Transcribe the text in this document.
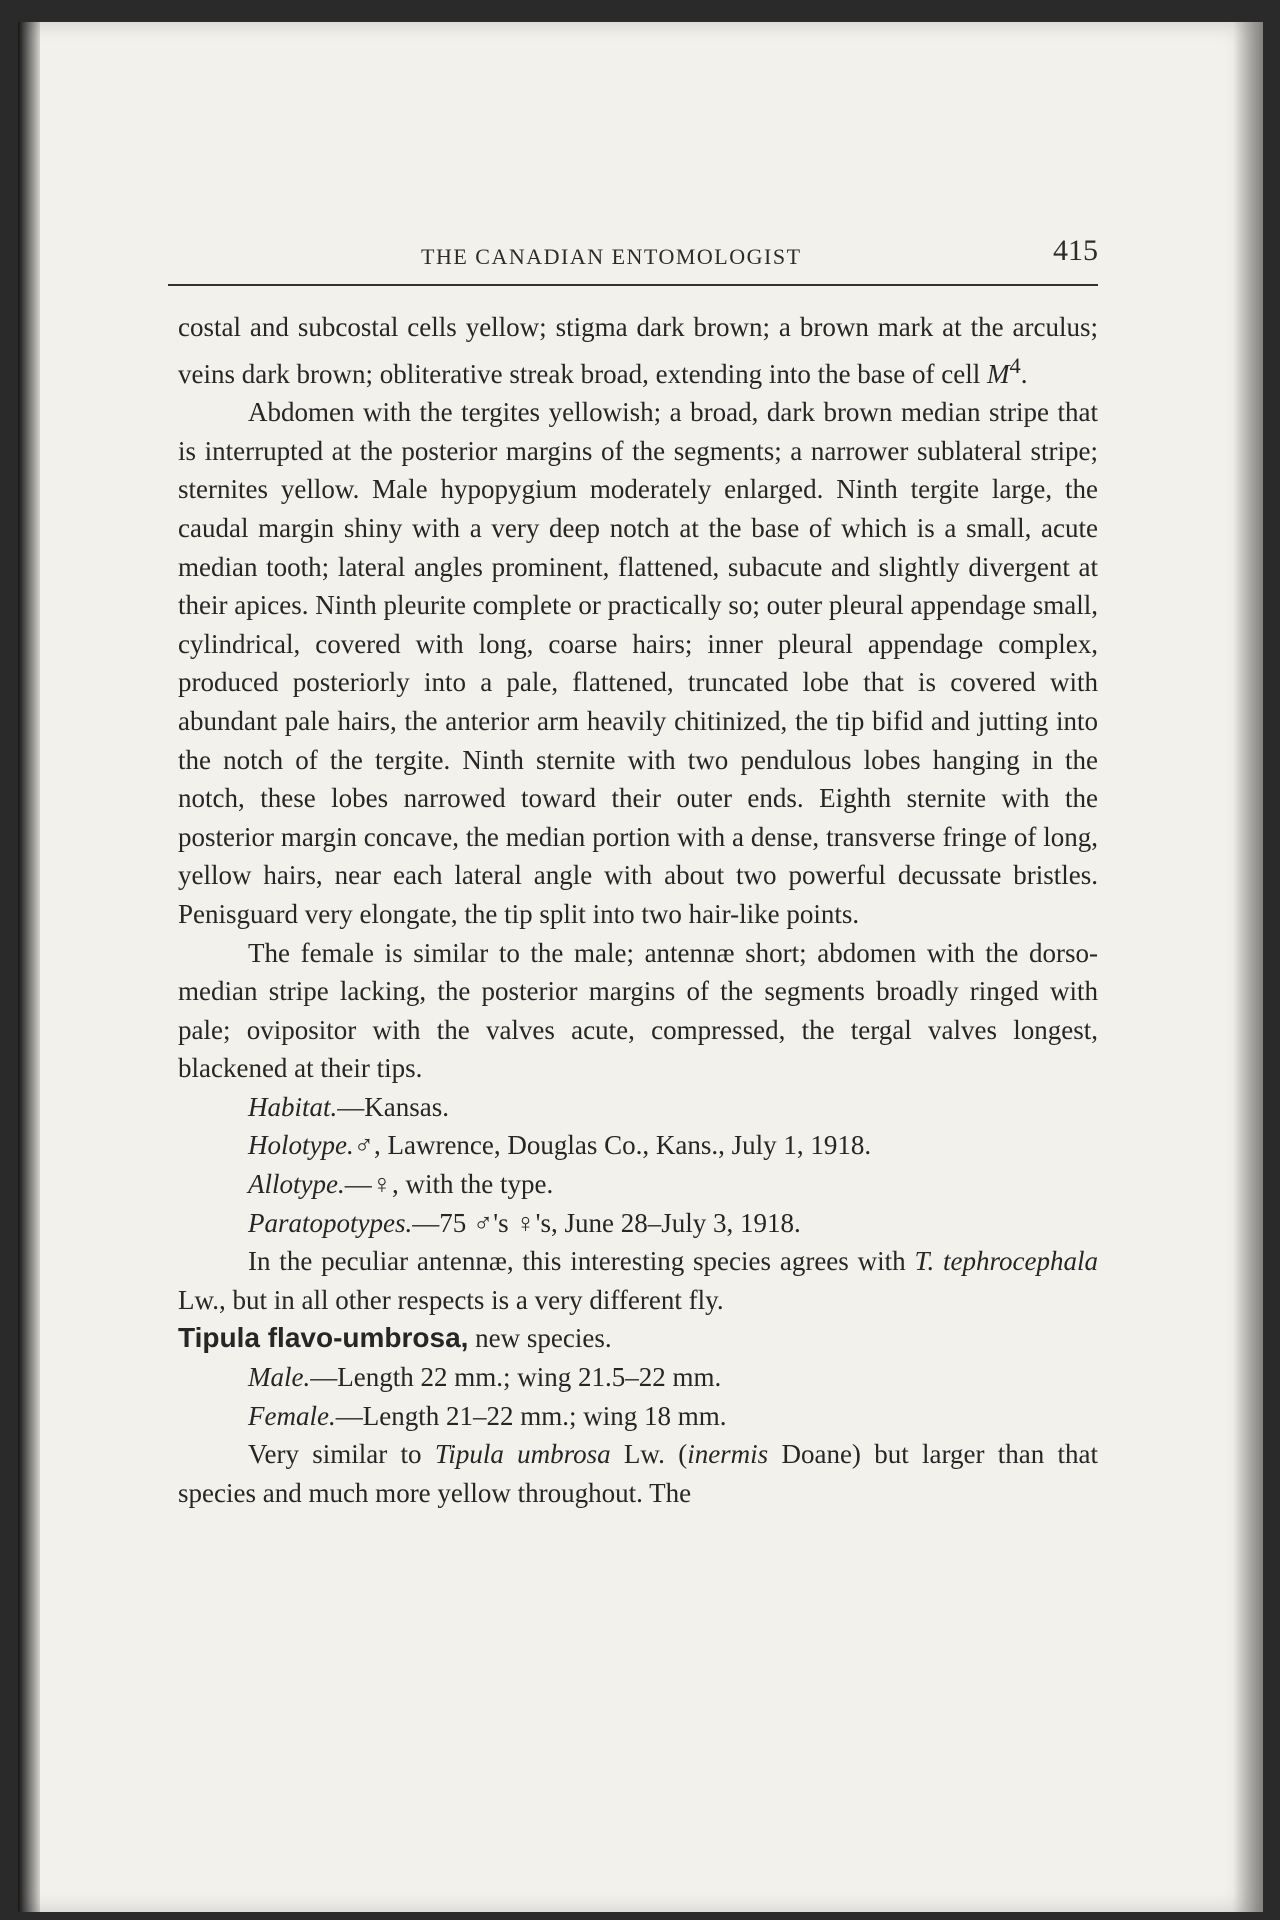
THE CANADIAN ENTOMOLOGIST	415

costal and subcostal cells yellow; stigma dark brown; a brown mark at the arculus; veins dark brown; obliterative streak broad, extending into the base of cell $M^4$.

Abdomen with the tergites yellowish; a broad, dark brown median stripe that is interrupted at the posterior margins of the segments; a narrower sublateral stripe; sternites yellow. Male hypopygium moderately enlarged. Ninth tergite large, the caudal margin shiny with a very deep notch at the base of which is a small, acute median tooth; lateral angles prominent, flattened, subacute and slightly divergent at their apices. Ninth pleurite complete or practically so; outer pleural appendage small, cylindrical, covered with long, coarse hairs; inner pleural appendage complex, produced posteriorly into a pale, flattened, truncated lobe that is covered with abundant pale hairs, the anterior arm heavily chitinized, the tip bifid and jutting into the notch of the tergite. Ninth sternite with two pendulous lobes hanging in the notch, these lobes narrowed toward their outer ends. Eighth sternite with the posterior margin concave, the median portion with a dense, transverse fringe of long, yellow hairs, near each lateral angle with about two powerful decussate bristles. Penisguard very elongate, the tip split into two hair-like points.

The female is similar to the male; antennæ short; abdomen with the dorso-median stripe lacking, the posterior margins of the segments broadly ringed with pale; ovipositor with the valves acute, compressed, the tergal valves longest, blackened at their tips.

Habitat.—Kansas.

Holotype.♂, Lawrence, Douglas Co., Kans., July 1, 1918.

Allotype.—♀, with the type.

Paratopotypes.—75 ♂'s ♀'s, June 28–July 3, 1918.

In the peculiar antennæ, this interesting species agrees with T. tephrocephala Lw., but in all other respects is a very different fly.

Tipula flavo-umbrosa, new species.

Male.—Length 22 mm.; wing 21.5–22 mm.

Female.—Length 21–22 mm.; wing 18 mm.

Very similar to Tipula umbrosa Lw. (inermis Doane) but larger than that species and much more yellow throughout. The
